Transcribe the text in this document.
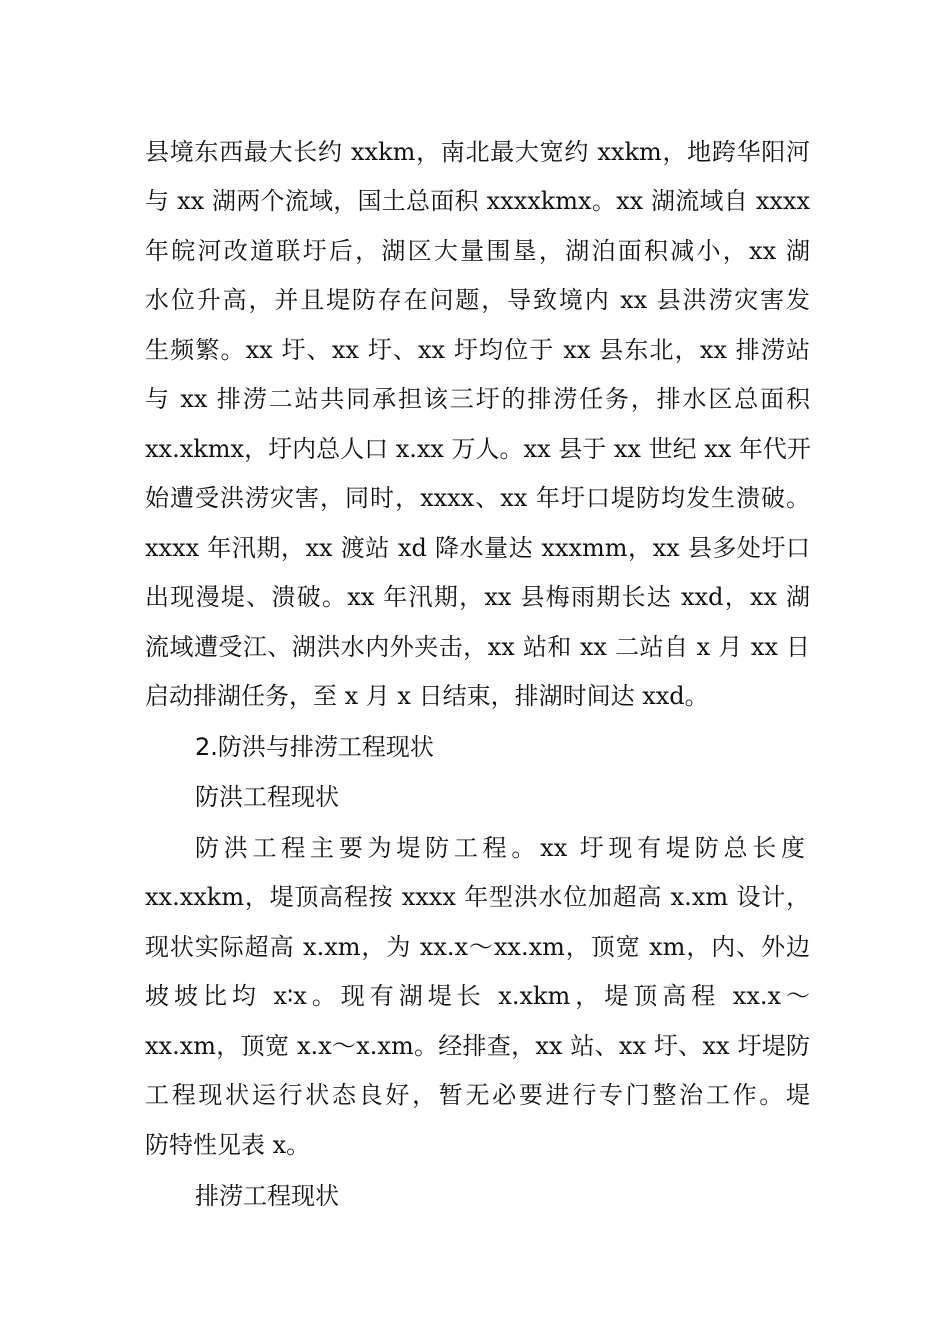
县境东西最大长约 xxkm，南北最大宽约 xxkm，地跨华阳河
与 xx 湖两个流域，国土总面积 xxxxkmx。xx 湖流域自 xxxx
年皖河改道联圩后，湖区大量围垦，湖泊面积减小，xx 湖
水位升高，并且堤防存在问题，导致境内 xx 县洪涝灾害发
生频繁。xx 圩、xx 圩、xx 圩均位于 xx 县东北，xx 排涝站
与 xx 排涝二站共同承担该三圩的排涝任务，排水区总面积
xx.xkmx，圩内总人口 x.xx 万人。xx 县于 xx 世纪 xx 年代开
始遭受洪涝灾害，同时，xxxx、xx 年圩口堤防均发生溃破。
xxxx 年汛期，xx 渡站 xd 降水量达 xxxmm，xx 县多处圩口
出现漫堤、溃破。xx 年汛期，xx 县梅雨期长达 xxd，xx 湖
流域遭受江、湖洪水内外夹击，xx 站和 xx 二站自 x 月 xx 日
启动排湖任务，至 x 月 x 日结束，排湖时间达 xxd。
2.防洪与排涝工程现状
防洪工程现状
防洪工程主要为堤防工程。xx 圩现有堤防总长度
xx.xxkm，堤顶高程按 xxxx 年型洪水位加超高 x.xm 设计，
现状实际超高 x.xm，为 xx.x～xx.xm，顶宽 xm，内、外边
坡坡比均 x∶x。现有湖堤长 x.xkm，堤顶高程 xx.x～
xx.xm，顶宽 x.x～x.xm。经排查，xx 站、xx 圩、xx 圩堤防
工程现状运行状态良好，暂无必要进行专门整治工作。堤
防特性见表 x。
排涝工程现状
